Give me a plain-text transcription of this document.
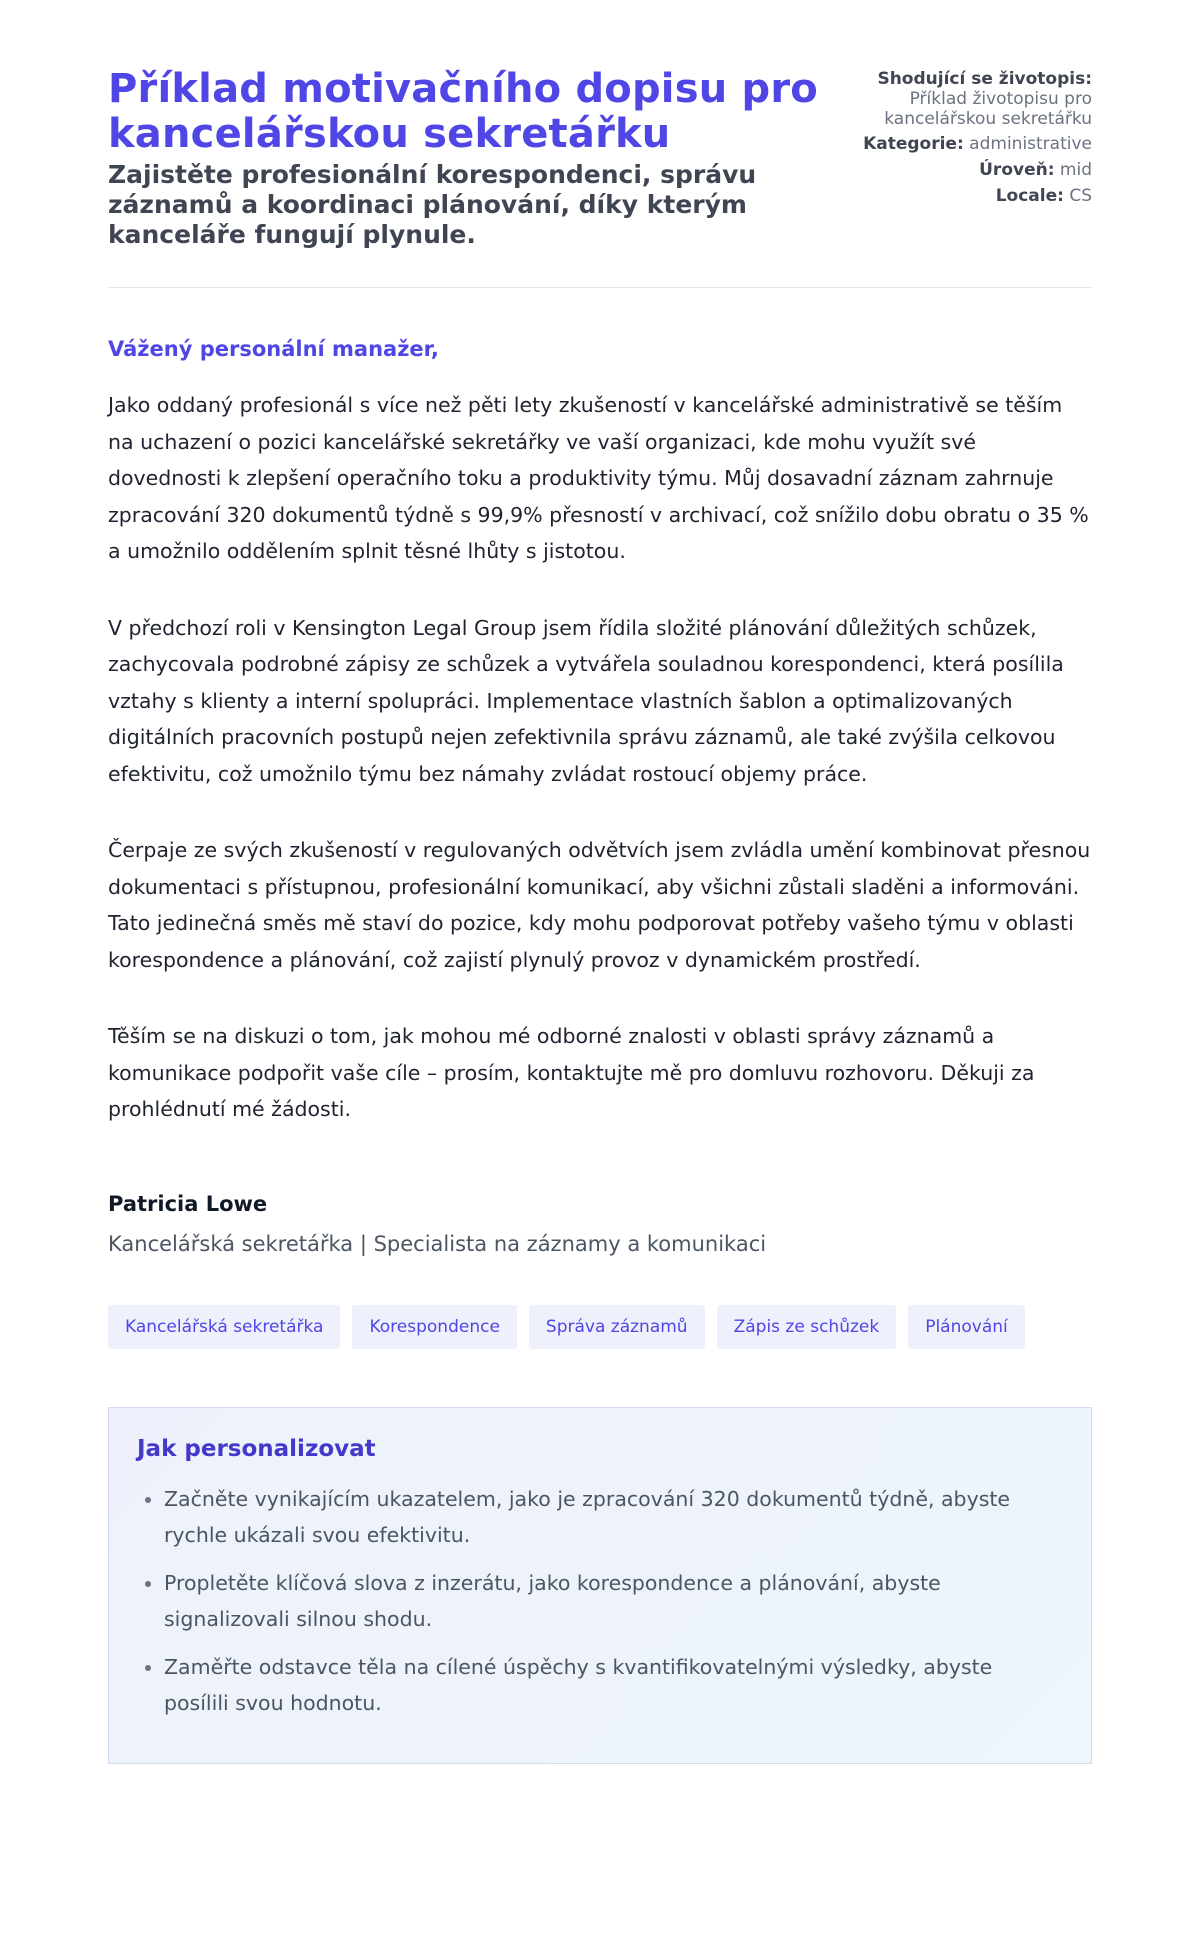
Příklad motivačního dopisu pro kancelářskou sekretářku

Zajistěte profesionální korespondenci, správu záznamů a koordinaci plánování, díky kterým kanceláře fungují plynule.

Shodující se životopis:
Příklad životopisu pro kancelářskou sekretářku
Kategorie: administrative
Úroveň: mid
Locale: CS

Vážený personální manažer,

Jako oddaný profesionál s více než pěti lety zkušeností v kancelářské administrativě se těším na uchazení o pozici kancelářské sekretářky ve vaší organizaci, kde mohu využít své dovednosti k zlepšení operačního toku a produktivity týmu. Můj dosavadní záznam zahrnuje zpracování 320 dokumentů týdně s 99,9% přesností v archivací, což snížilo dobu obratu o 35 % a umožnilo oddělením splnit těsné lhůty s jistotou.

V předchozí roli v Kensington Legal Group jsem řídila složité plánování důležitých schůzek, zachycovala podrobné zápisy ze schůzek a vytvářela souladnou korespondenci, která posílila vztahy s klienty a interní spolupráci. Implementace vlastních šablon a optimalizovaných digitálních pracovních postupů nejen zefektivnila správu záznamů, ale také zvýšila celkovou efektivitu, což umožnilo týmu bez námahy zvládat rostoucí objemy práce.

Čerpaje ze svých zkušeností v regulovaných odvětvích jsem zvládla umění kombinovat přesnou dokumentaci s přístupnou, profesionální komunikací, aby všichni zůstali sladěni a informováni. Tato jedinečná směs mě staví do pozice, kdy mohu podporovat potřeby vašeho týmu v oblasti korespondence a plánování, což zajistí plynulý provoz v dynamickém prostředí.

Těším se na diskuzi o tom, jak mohou mé odborné znalosti v oblasti správy záznamů a komunikace podpořit vaše cíle – prosím, kontaktujte mě pro domluvu rozhovoru. Děkuji za prohlédnutí mé žádosti.

Patricia Lowe

Kancelářská sekretářka | Specialista na záznamy a komunikaci

Kancelářská sekretářka	Korespondence	Správa záznamů	Zápis ze schůzek	Plánování
Jak personalizovat
• Začněte vynikajícím ukazatelem, jako je zpracování 320 dokumentů týdně, abyste rychle ukázali svou efektivitu.
• Propletěte klíčová slova z inzerátu, jako korespondence a plánování, abyste signalizovali silnou shodu.
• Zaměřte odstavce těla na cílené úspěchy s kvantifikovatelnými výsledky, abyste posílili svou hodnotu.
